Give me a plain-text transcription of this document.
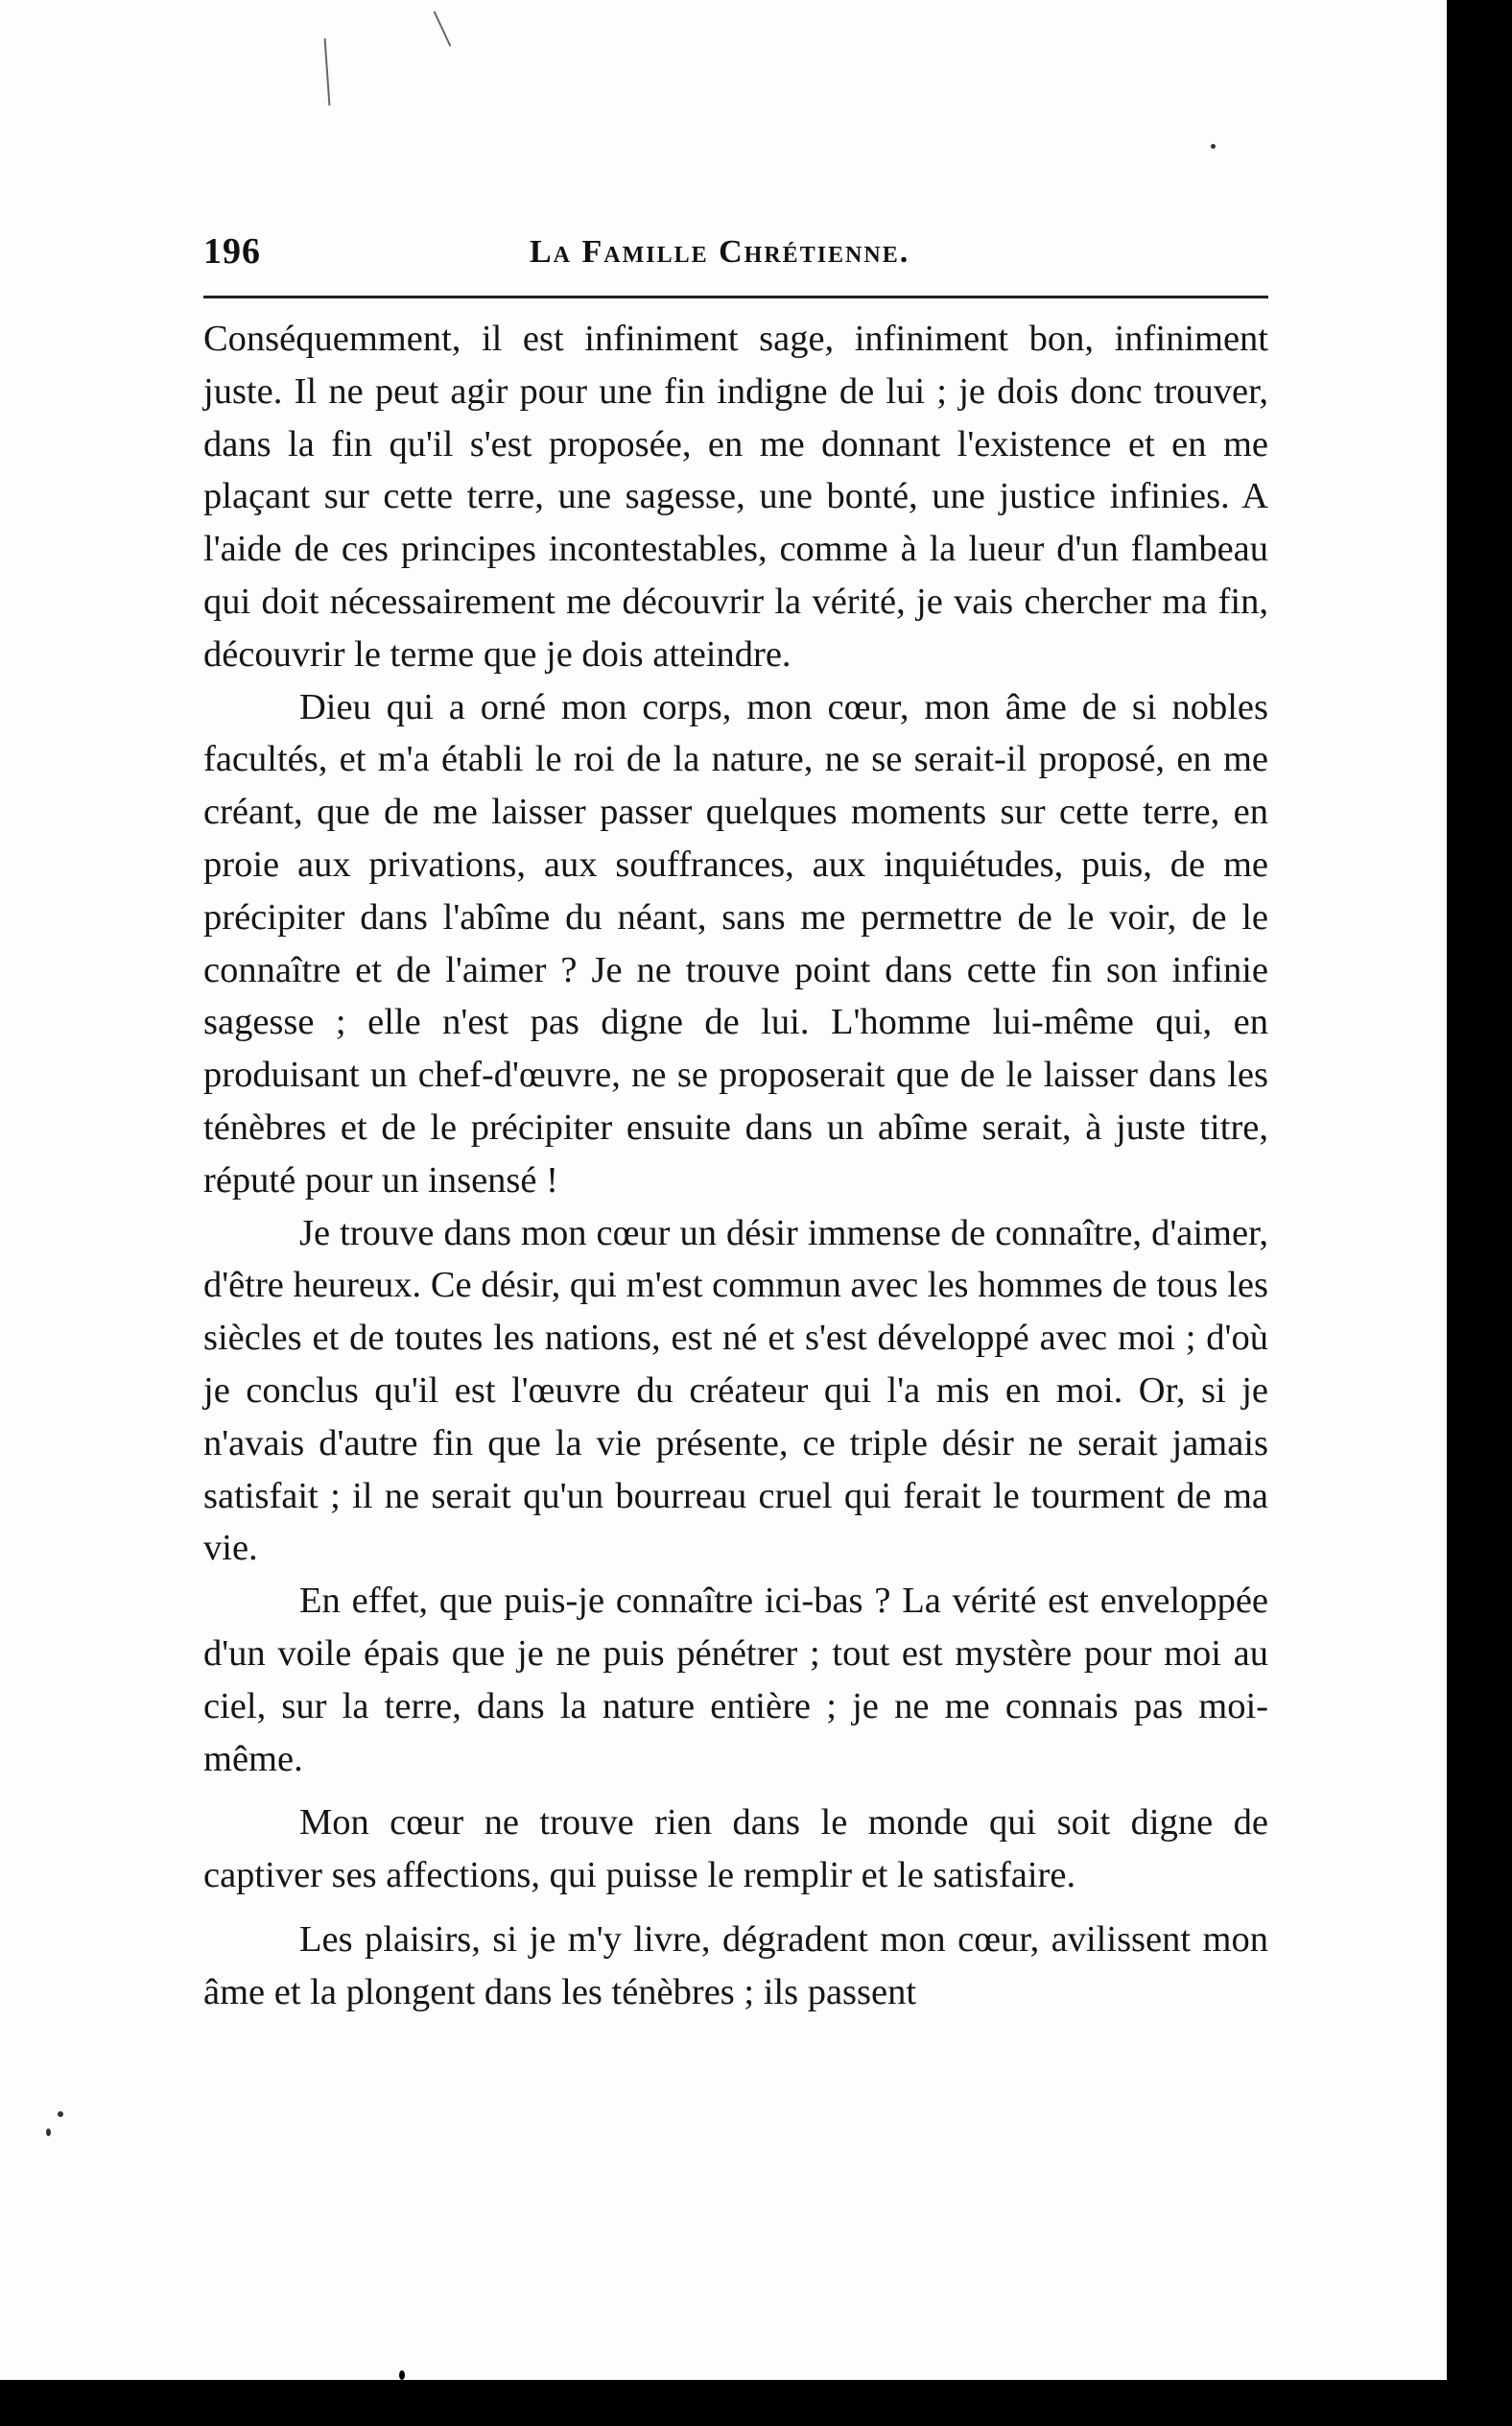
196	La Famille Chrétienne.

Conséquemment, il est infiniment sage, infiniment bon, infiniment juste. Il ne peut agir pour une fin indigne de lui ; je dois donc trouver, dans la fin qu'il s'est proposée, en me donnant l'existence et en me plaçant sur cette terre, une sagesse, une bonté, une justice infinies. A l'aide de ces principes incontestables, comme à la lueur d'un flambeau qui doit nécessairement me découvrir la vérité, je vais chercher ma fin, découvrir le terme que je dois atteindre.

Dieu qui a orné mon corps, mon cœur, mon âme de si nobles facultés, et m'a établi le roi de la nature, ne se serait-il proposé, en me créant, que de me laisser passer quelques moments sur cette terre, en proie aux privations, aux souffrances, aux inquiétudes, puis, de me précipiter dans l'abîme du néant, sans me permettre de le voir, de le connaître et de l'aimer ? Je ne trouve point dans cette fin son infinie sagesse ; elle n'est pas digne de lui. L'homme lui-même qui, en produisant un chef-d'œuvre, ne se proposerait que de le laisser dans les ténèbres et de le précipiter ensuite dans un abîme serait, à juste titre, réputé pour un insensé !

Je trouve dans mon cœur un désir immense de connaître, d'aimer, d'être heureux. Ce désir, qui m'est commun avec les hommes de tous les siècles et de toutes les nations, est né et s'est développé avec moi ; d'où je conclus qu'il est l'œuvre du créateur qui l'a mis en moi. Or, si je n'avais d'autre fin que la vie présente, ce triple désir ne serait jamais satisfait ; il ne serait qu'un bourreau cruel qui ferait le tourment de ma vie.

En effet, que puis-je connaître ici-bas ? La vérité est enveloppée d'un voile épais que je ne puis pénétrer ; tout est mystère pour moi au ciel, sur la terre, dans la nature entière ; je ne me connais pas moi-même.

Mon cœur ne trouve rien dans le monde qui soit digne de captiver ses affections, qui puisse le remplir et le satisfaire.

Les plaisirs, si je m'y livre, dégradent mon cœur, avilissent mon âme et la plongent dans les ténèbres ; ils passent
